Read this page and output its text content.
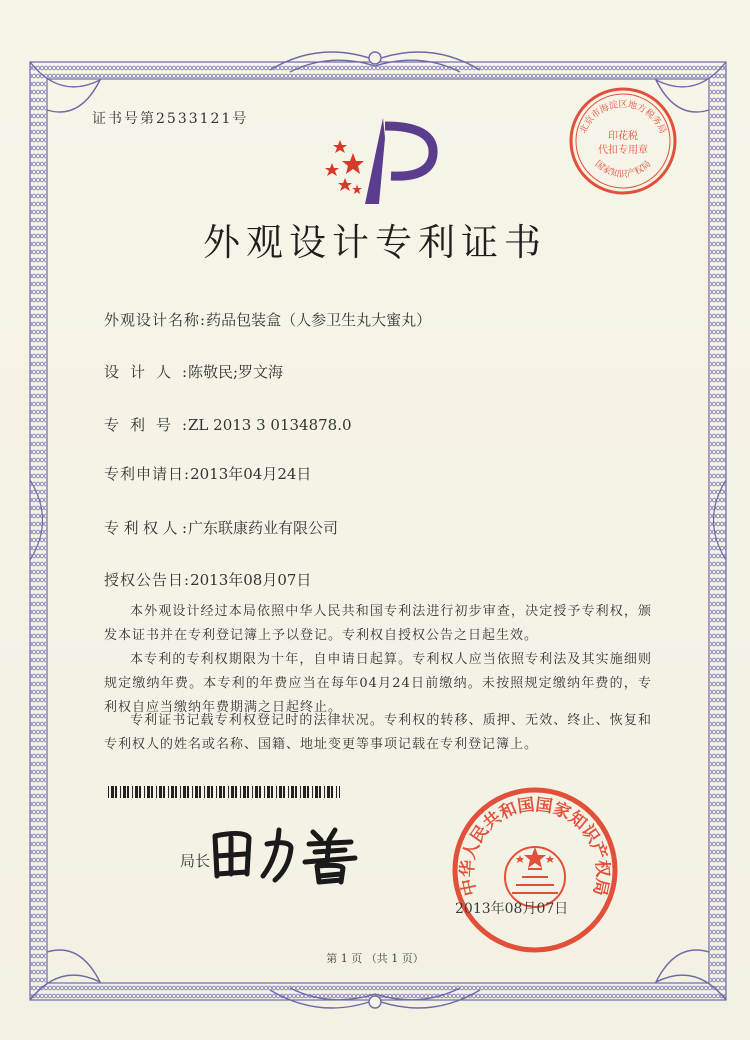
证书号第2533121号
外观设计专利证书
外观设计名称:药品包装盒（人参卫生丸大蜜丸）
设计人:陈敬民;罗文海
专利号:ZL 2013 3 0134878.0
专利申请日:2013年04月24日
专利权人:广东联康药业有限公司
授权公告日:2013年08月07日
本外观设计经过本局依照中华人民共和国专利法进行初步审查，决定授予专利权，颁发本证书并在专利登记簿上予以登记。专利权自授权公告之日起生效。
本专利的专利权期限为十年，自申请日起算。专利权人应当依照专利法及其实施细则规定缴纳年费。本专利的年费应当在每年04月24日前缴纳。未按照规定缴纳年费的，专利权自应当缴纳年费期满之日起终止。
专利证书记载专利权登记时的法律状况。专利权的转移、质押、无效、终止、恢复和专利权人的姓名或名称、国籍、地址变更等事项记载在专利登记簿上。
局长
中华人民共和国国家知识产权局
2013年08月07日
北京市海淀区地方税务局
国家知识产权局
印花税
代扣专用章
第 1 页 （共 1 页）
